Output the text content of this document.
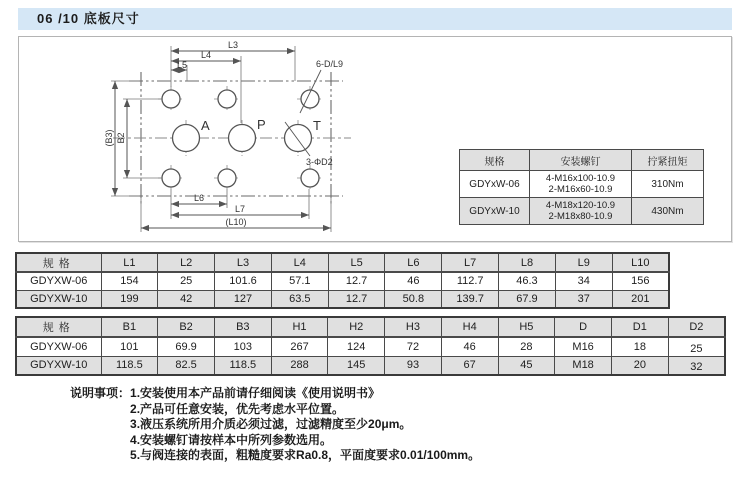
06 /10 底板尺寸
A	P	T
L3
L4
L5
L6
L7
(L10)
(B3) B2
6-D/L9
3-ΦD2	规格	安装螺钉	拧紧扭矩
GDYxW-06	4-M16x100-10.9
2-M16x60-10.9	310Nm
GDYxW-10	4-M18x120-10.9
2-M18x80-10.9	430Nm
规格	L1	L2	L3	L4	L5	L6	L7	L8	L9	L10
GDYXW-06	154	25	101.6	57.1	12.7	46	112.7	46.3	34	156
GDYXW-10	199	42	127	63.5	12.7	50.8	139.7	67.9	37	201
规格	B1	B2	B3	H1	H2	H3	H4	H5	D	D1	D2
GDYXW-06	101	69.9	103	267	124	72	46	28	M16	18	25
GDYXW-10	118.5	82.5	118.5	288	145	93	67	45	M18	20	32
说明事项： 1.安装使用本产品前请仔细阅读《使用说明书》
2.产品可任意安装，优先考虑水平位置。
3.液压系统所用介质必须过滤，过滤精度至少20μm。
4.安装螺钉请按样本中所列参数选用。
5.与阀连接的表面，粗糙度要求Ra0.8，平面度要求0.01/100mm。
